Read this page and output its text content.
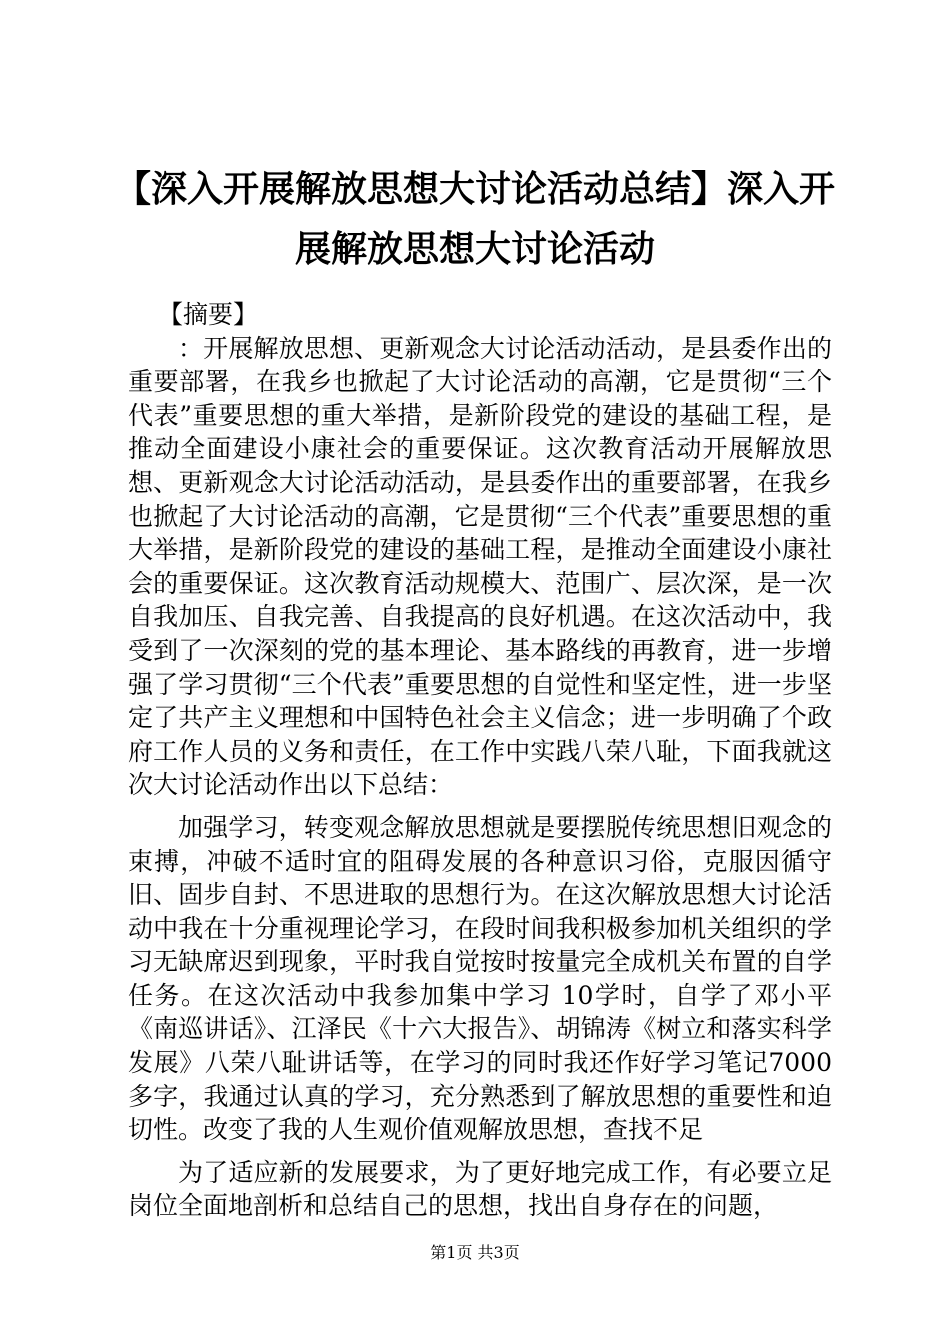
【深入开展解放思想大讨论活动总结】深入开展解放思想大讨论活动

【摘要】

：开展解放思想、更新观念大讨论活动活动，是县委作出的重要部署，在我乡也掀起了大讨论活动的高潮，它是贯彻“三个代表”重要思想的重大举措，是新阶段党的建设的基础工程，是推动全面建设小康社会的重要保证。这次教育活动开展解放思想、更新观念大讨论活动活动，是县委作出的重要部署，在我乡也掀起了大讨论活动的高潮，它是贯彻“三个代表”重要思想的重大举措，是新阶段党的建设的基础工程，是推动全面建设小康社会的重要保证。这次教育活动规模大、范围广、层次深，是一次自我加压、自我完善、自我提高的良好机遇。在这次活动中，我受到了一次深刻的党的基本理论、基本路线的再教育，进一步增强了学习贯彻“三个代表”重要思想的自觉性和坚定性，进一步坚定了共产主义理想和中国特色社会主义信念；进一步明确了个政府工作人员的义务和责任，在工作中实践八荣八耻，下面我就这次大讨论活动作出以下总结：

加强学习，转变观念解放思想就是要摆脱传统思想旧观念的束搏，冲破不适时宜的阻碍发展的各种意识习俗，克服因循守旧、固步自封、不思进取的思想行为。在这次解放思想大讨论活动中我在十分重视理论学习，在段时间我积极参加机关组织的学习无缺席迟到现象，平时我自觉按时按量完全成机关布置的自学任务。在这次活动中我参加集中学习 10学时，自学了邓小平《南巡讲话》、江泽民《十六大报告》、胡锦涛《树立和落实科学发展》八荣八耻讲话等，在学习的同时我还作好学习笔记7000多字，我通过认真的学习，充分熟悉到了解放思想的重要性和迫切性。改变了我的人生观价值观解放思想，查找不足

为了适应新的发展要求，为了更好地完成工作，有必要立足岗位全面地剖析和总结自己的思想，找出自身存在的问题，

第1页 共3页
